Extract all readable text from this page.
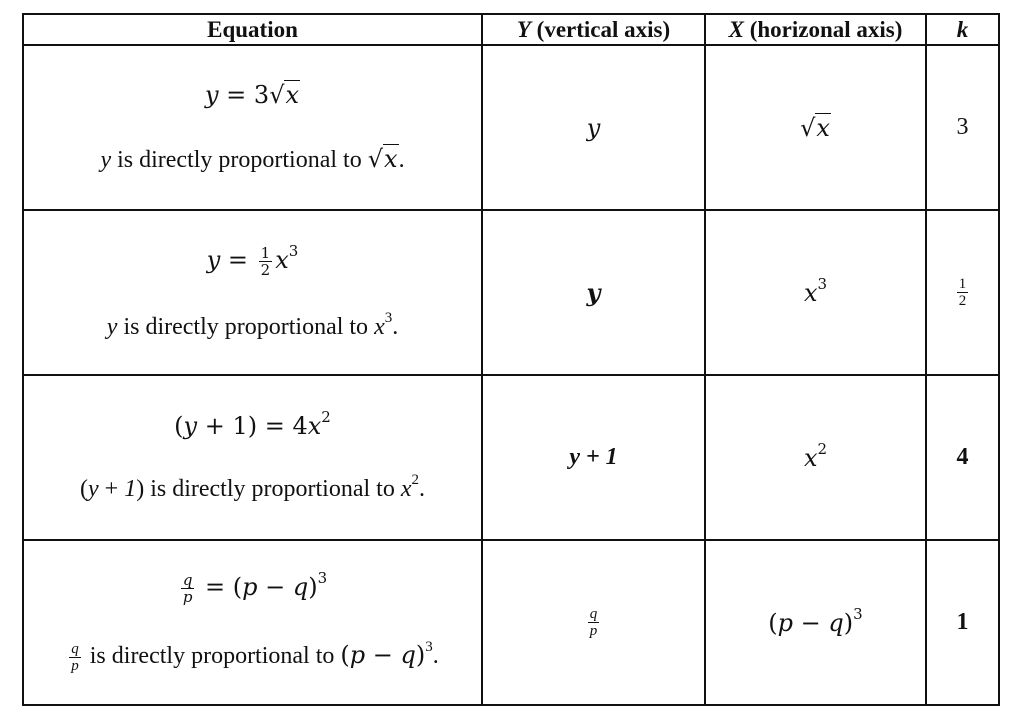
Equation	Y (vertical axis)	X (horizonal axis)	k

y = 3√x
y is directly proportional to √x.	y	√x	3

$y = \frac{1}{2} x^3$
y is directly proportional to $x^3$.	y	$x^3$	$\frac{1}{2}$

$(y + 1) = 4x^2$
(y + 1) is directly proportional to $x^2$.	y + 1	$x^2$	4

$\frac{q}{p} = (p - q)^3$
$\frac{q}{p}$ is directly proportional to $(p - q)^3$.	
$\frac{q}{p}$	$(p - q)^3$	1
